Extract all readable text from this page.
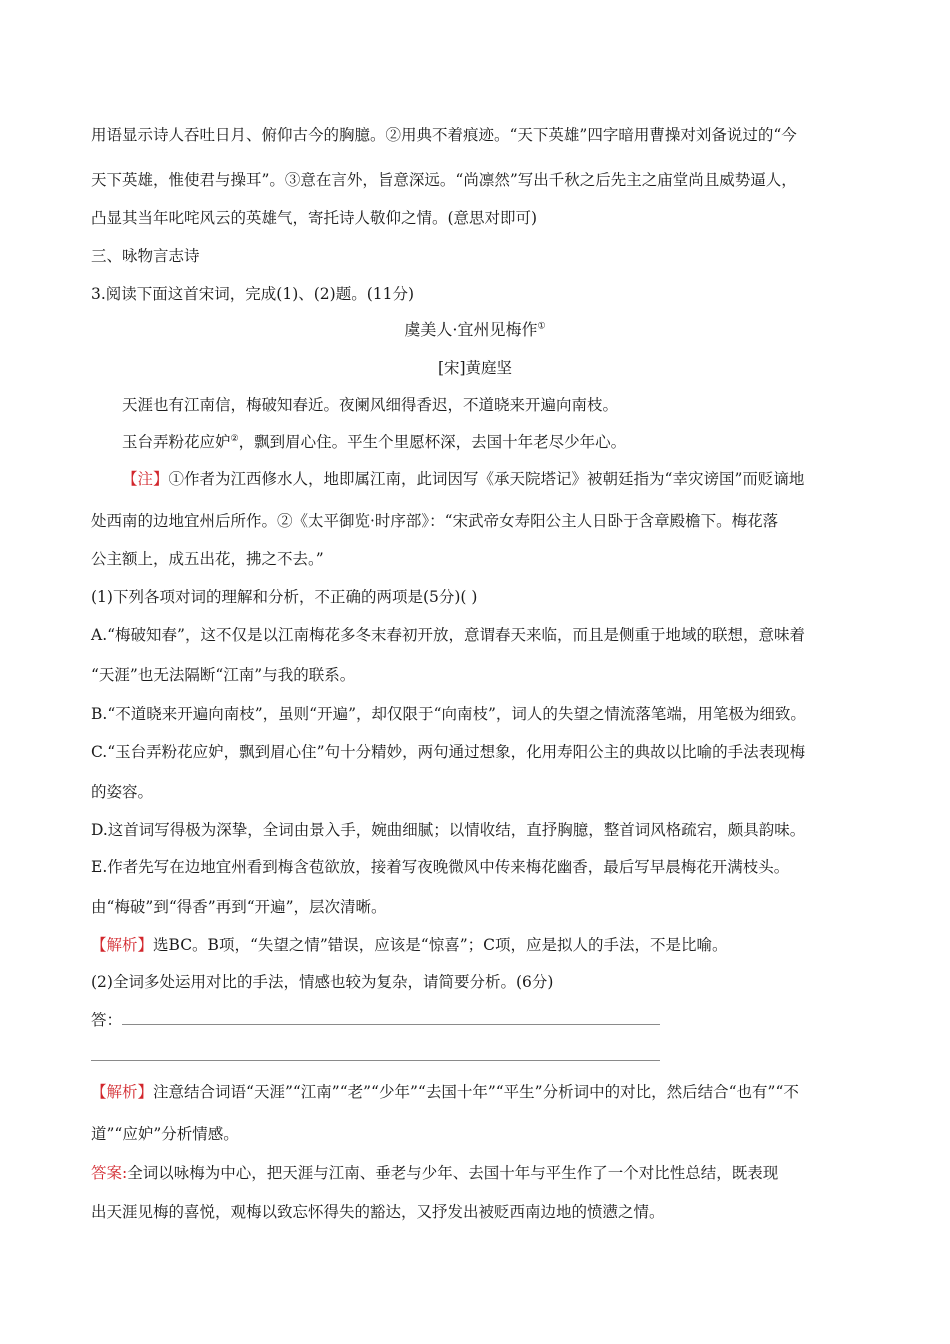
用语显示诗人吞吐日月、俯仰古今的胸臆。②用典不着痕迹。“天下英雄”四字暗用曹操对刘备说过的“今
天下英雄，惟使君与操耳”。③意在言外，旨意深远。“尚凛然”写出千秋之后先主之庙堂尚且威势逼人，
凸显其当年叱咤风云的英雄气，寄托诗人敬仰之情。(意思对即可)
三、咏物言志诗
3.阅读下面这首宋词，完成(1)、(2)题。(11分)
虞美人·宜州见梅作①
[宋]黄庭坚
天涯也有江南信，梅破知春近。夜阑风细得香迟，不道晓来开遍向南枝。
玉台弄粉花应妒②，飘到眉心住。平生个里愿杯深，去国十年老尽少年心。
【注】①作者为江西修水人，地即属江南，此词因写《承天院塔记》被朝廷指为“幸灾谤国”而贬谪地
处西南的边地宜州后所作。②《太平御览·时序部》：“宋武帝女寿阳公主人日卧于含章殿檐下。梅花落
公主额上，成五出花，拂之不去。”
(1)下列各项对词的理解和分析，不正确的两项是(5分)( )
A.“梅破知春”，这不仅是以江南梅花多冬末春初开放，意谓春天来临，而且是侧重于地域的联想，意味着
“天涯”也无法隔断“江南”与我的联系。
B.“不道晓来开遍向南枝”，虽则“开遍”，却仅限于“向南枝”，词人的失望之情流落笔端，用笔极为细致。
C.“玉台弄粉花应妒，飘到眉心住”句十分精妙，两句通过想象，化用寿阳公主的典故以比喻的手法表现梅
的姿容。
D.这首词写得极为深挚，全词由景入手，婉曲细腻；以情收结，直抒胸臆，整首词风格疏宕，颇具韵味。
E.作者先写在边地宜州看到梅含苞欲放，接着写夜晚微风中传来梅花幽香，最后写早晨梅花开满枝头。
由“梅破”到“得香”再到“开遍”，层次清晰。
【解析】选BC。B项，“失望之情”错误，应该是“惊喜”；C项，应是拟人的手法，不是比喻。
(2)全词多处运用对比的手法，情感也较为复杂，请简要分析。(6分)
答：
【解析】注意结合词语“天涯”“江南”“老”“少年”“去国十年”“平生”分析词中的对比，然后结合“也有”“不
道”“应妒”分析情感。
答案:全词以咏梅为中心，把天涯与江南、垂老与少年、去国十年与平生作了一个对比性总结，既表现
出天涯见梅的喜悦，观梅以致忘怀得失的豁达，又抒发出被贬西南边地的愤懑之情。
